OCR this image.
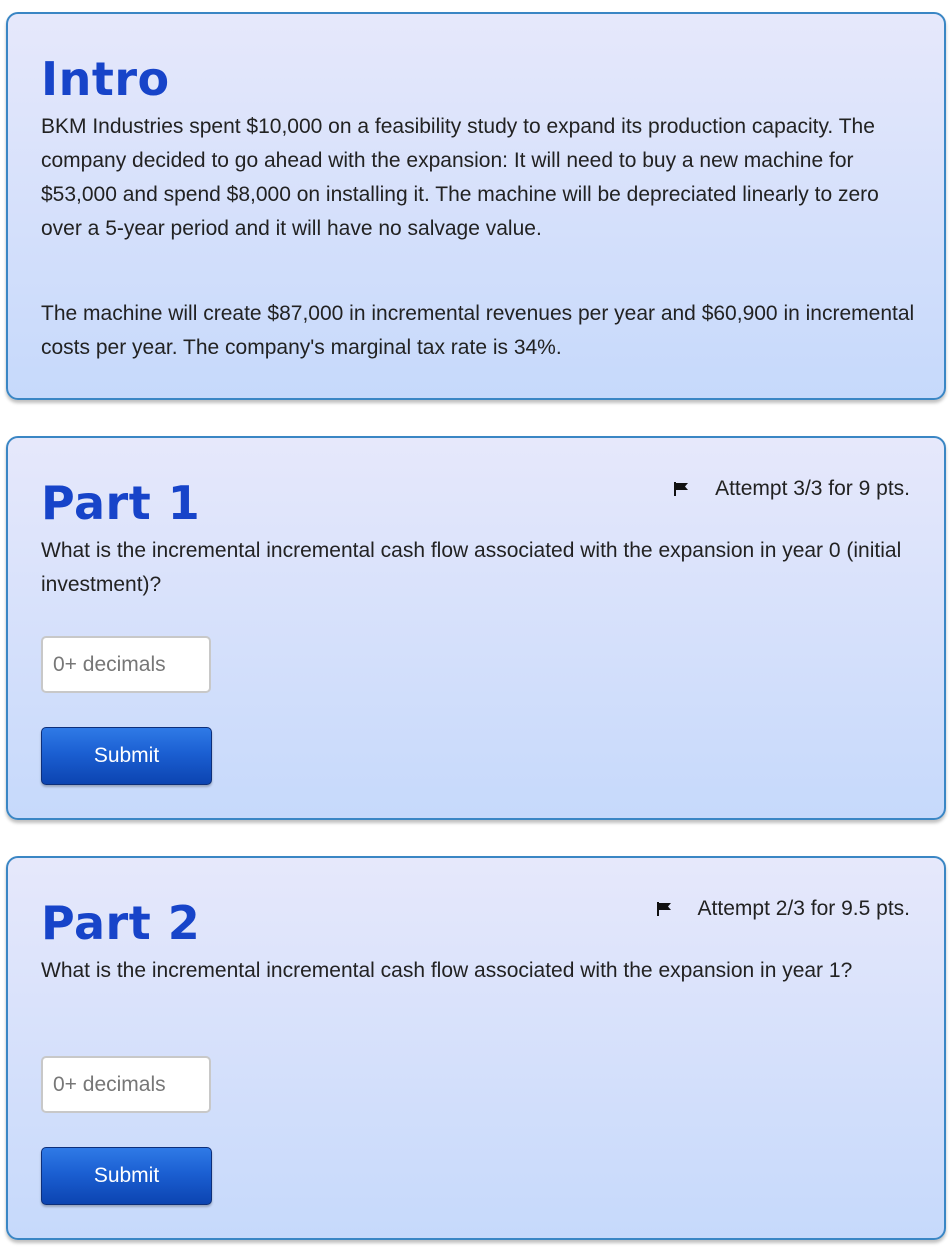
Intro

BKM Industries spent $10,000 on a feasibility study to expand its production capacity. The company decided to go ahead with the expansion: It will need to buy a new machine for $53,000 and spend $8,000 on installing it. The machine will be depreciated linearly to zero over a 5-year period and it will have no salvage value.

The machine will create $87,000 in incremental revenues per year and $60,900 in incremental costs per year. The company's marginal tax rate is 34%.

Part 1	Attempt 3/3 for 9 pts.

What is the incremental incremental cash flow associated with the expansion in year 0 (initial investment)?

0+ decimals
Submit
Part 2	Attempt 2/3 for 9.5 pts.

What is the incremental incremental cash flow associated with the expansion in year 1?

0+ decimals
Submit
